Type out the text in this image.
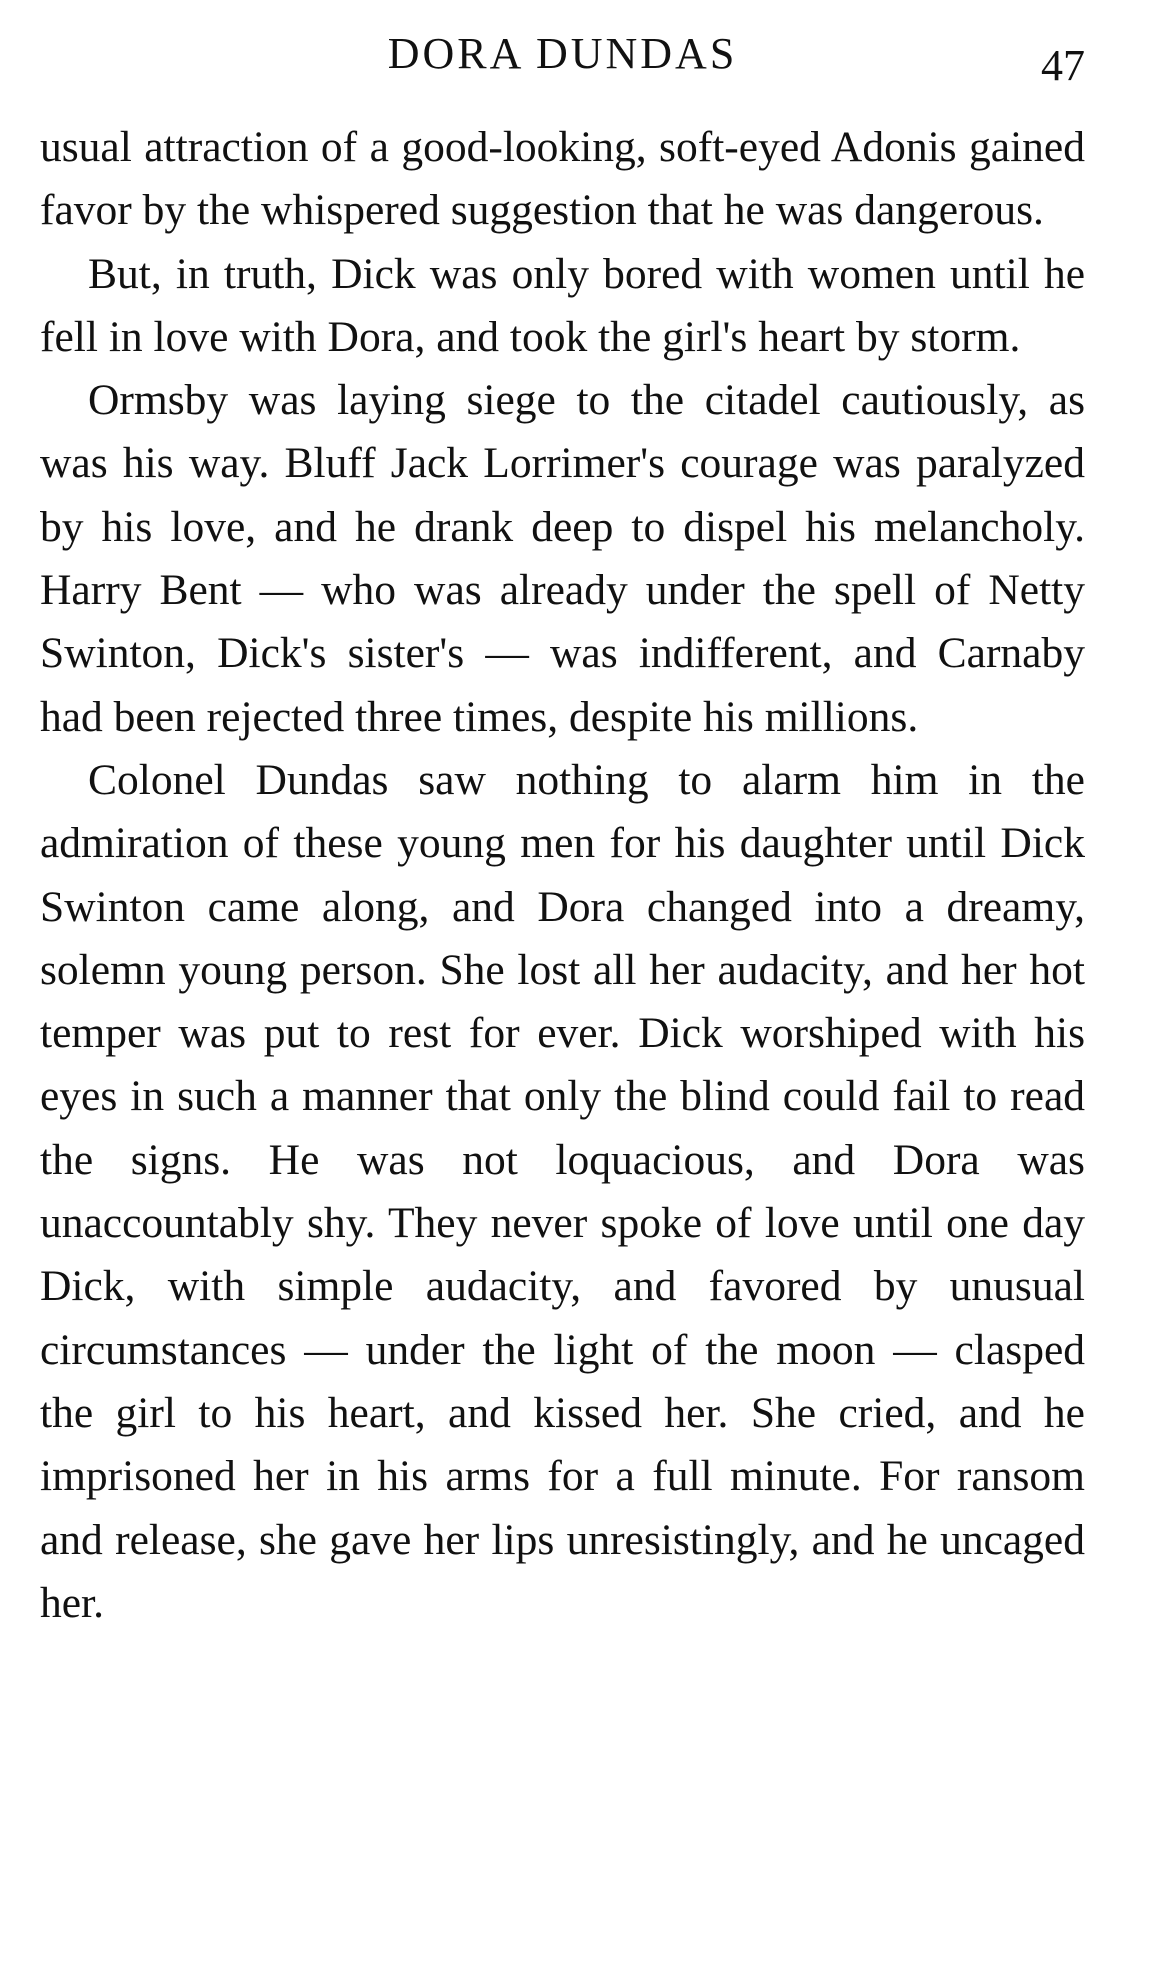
DORA DUNDAS	47

usual attraction of a good-looking, soft-eyed Adonis gained favor by the whispered suggestion that he was dangerous.

But, in truth, Dick was only bored with women until he fell in love with Dora, and took the girl's heart by storm.

Ormsby was laying siege to the citadel cautiously, as was his way. Bluff Jack Lorrimer's courage was paralyzed by his love, and he drank deep to dispel his melancholy. Harry Bent — who was already under the spell of Netty Swinton, Dick's sister's — was indifferent, and Carnaby had been rejected three times, despite his millions.

Colonel Dundas saw nothing to alarm him in the admiration of these young men for his daughter until Dick Swinton came along, and Dora changed into a dreamy, solemn young person. She lost all her audacity, and her hot temper was put to rest for ever. Dick worshiped with his eyes in such a manner that only the blind could fail to read the signs. He was not loquacious, and Dora was unaccountably shy. They never spoke of love until one day Dick, with simple audacity, and favored by unusual circumstances — under the light of the moon — clasped the girl to his heart, and kissed her. She cried, and he imprisoned her in his arms for a full minute. For ransom and release, she gave her lips unresistingly, and he uncaged her.
